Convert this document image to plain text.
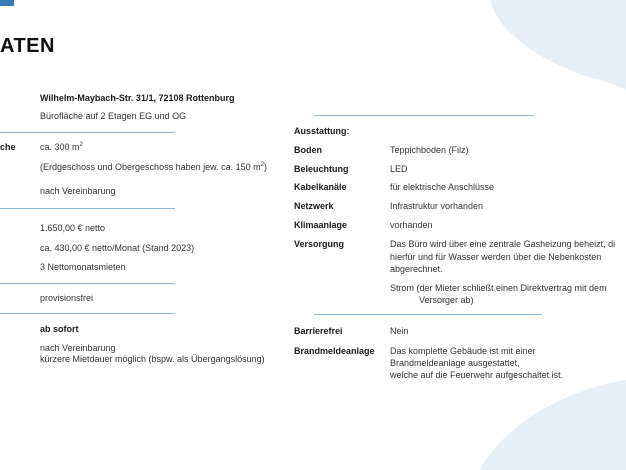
ATEN
Wilhelm-Maybach-Str. 31/1, 72108 Rottenburg
Bürofläche auf 2 Etagen EG und OG
che	ca. 300 $m^2$
(Erdgeschoss und Obergeschoss haben jew. ca. 150 $m^2$)
nach Vereinbarung
1.650,00 € netto
ca. 430,00 € netto/Monat (Stand 2023)
3 Nettomonatsmieten
provisionsfrei
ab sofort
nach Vereinbarung
kürzere Mietdauer möglich (bspw. als Übergangslösung)
Ausstattung:
Boden	Teppichboden (Filz)
Beleuchtung	LED
Kabelkanäle	für elektrische Anschlüsse
Netzwerk	Infrastruktur vorhanden
Klimaanlage	vorhanden
Versorgung	Das Büro wird über eine zentrale Gasheizung beheizt, di
hierfür und für Wasser werden über die Nebenkosten
abgerechnet.
Strom (der Mieter schließt einen Direktvertrag mit dem
Versorger ab)
Barrierefrei	Nein
Brandmeldeanlage Das komplette Gebäude ist mit einer
Brandmeldeanlage ausgestattet,
welche auf die Feuerwehr aufgeschaltet ist.
